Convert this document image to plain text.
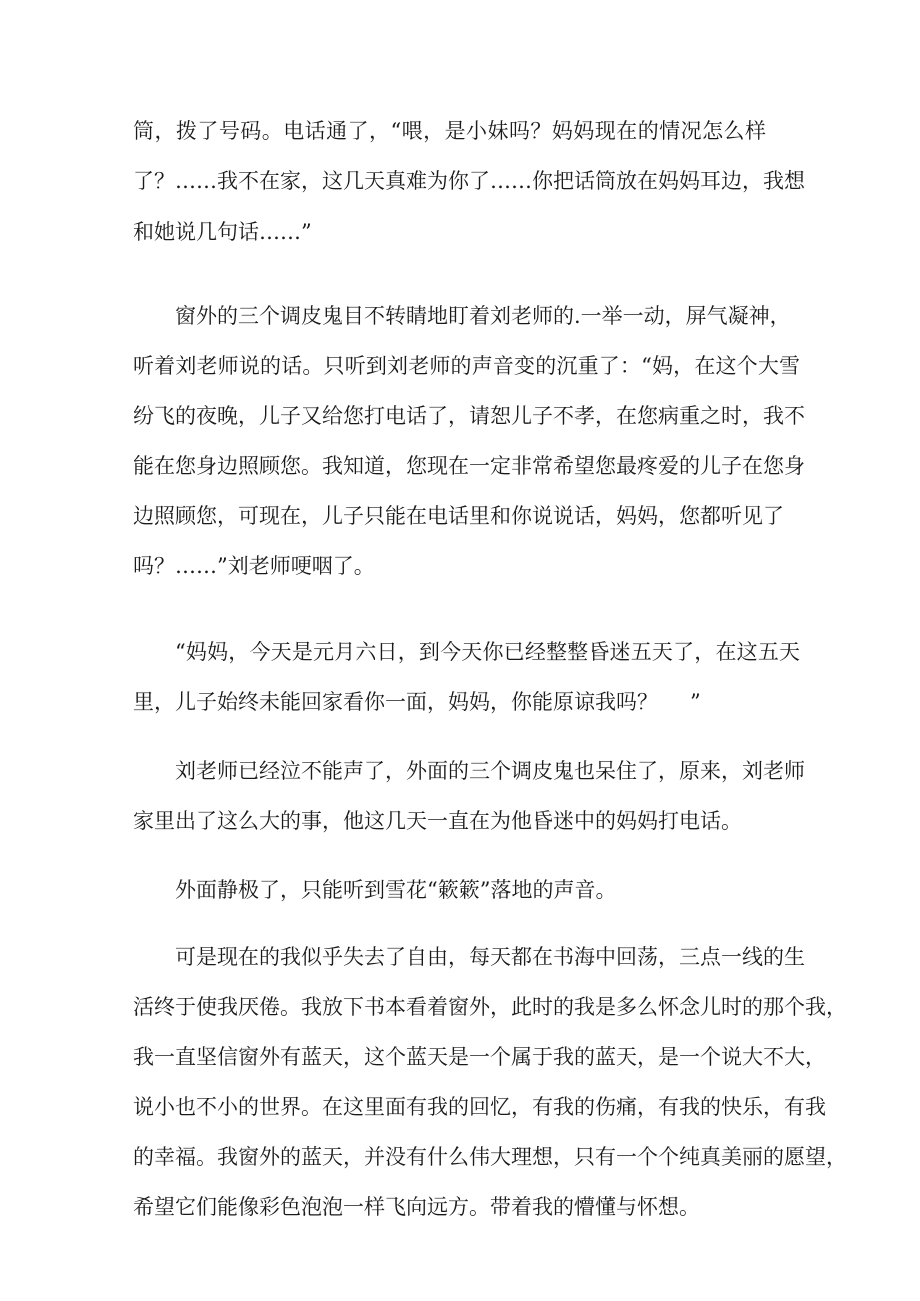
筒，拨了号码。电话通了，“喂，是小妹吗？妈妈现在的情况怎么样
了？……我不在家，这几天真难为你了……你把话筒放在妈妈耳边，我想
和她说几句话……”
窗外的三个调皮鬼目不转睛地盯着刘老师的.一举一动，屏气凝神，
听着刘老师说的话。只听到刘老师的声音变的沉重了：“妈，在这个大雪
纷飞的夜晚，儿子又给您打电话了，请恕儿子不孝，在您病重之时，我不
能在您身边照顾您。我知道，您现在一定非常希望您最疼爱的儿子在您身
边照顾您，可现在，儿子只能在电话里和你说说话，妈妈，您都听见了
吗？……”刘老师哽咽了。
“妈妈，今天是元月六日，到今天你已经整整昏迷五天了，在这五天
里，儿子始终未能回家看你一面，妈妈，你能原谅我吗？ ”
刘老师已经泣不能声了，外面的三个调皮鬼也呆住了，原来，刘老师
家里出了这么大的事，他这几天一直在为他昏迷中的妈妈打电话。
外面静极了，只能听到雪花“簌簌”落地的声音。
可是现在的我似乎失去了自由，每天都在书海中回荡，三点一线的生
活终于使我厌倦。我放下书本看着窗外，此时的我是多么怀念儿时的那个我，
我一直坚信窗外有蓝天，这个蓝天是一个属于我的蓝天，是一个说大不大，
说小也不小的世界。在这里面有我的回忆，有我的伤痛，有我的快乐，有我
的幸福。我窗外的蓝天，并没有什么伟大理想，只有一个个纯真美丽的愿望，
希望它们能像彩色泡泡一样飞向远方。带着我的懵懂与怀想。
